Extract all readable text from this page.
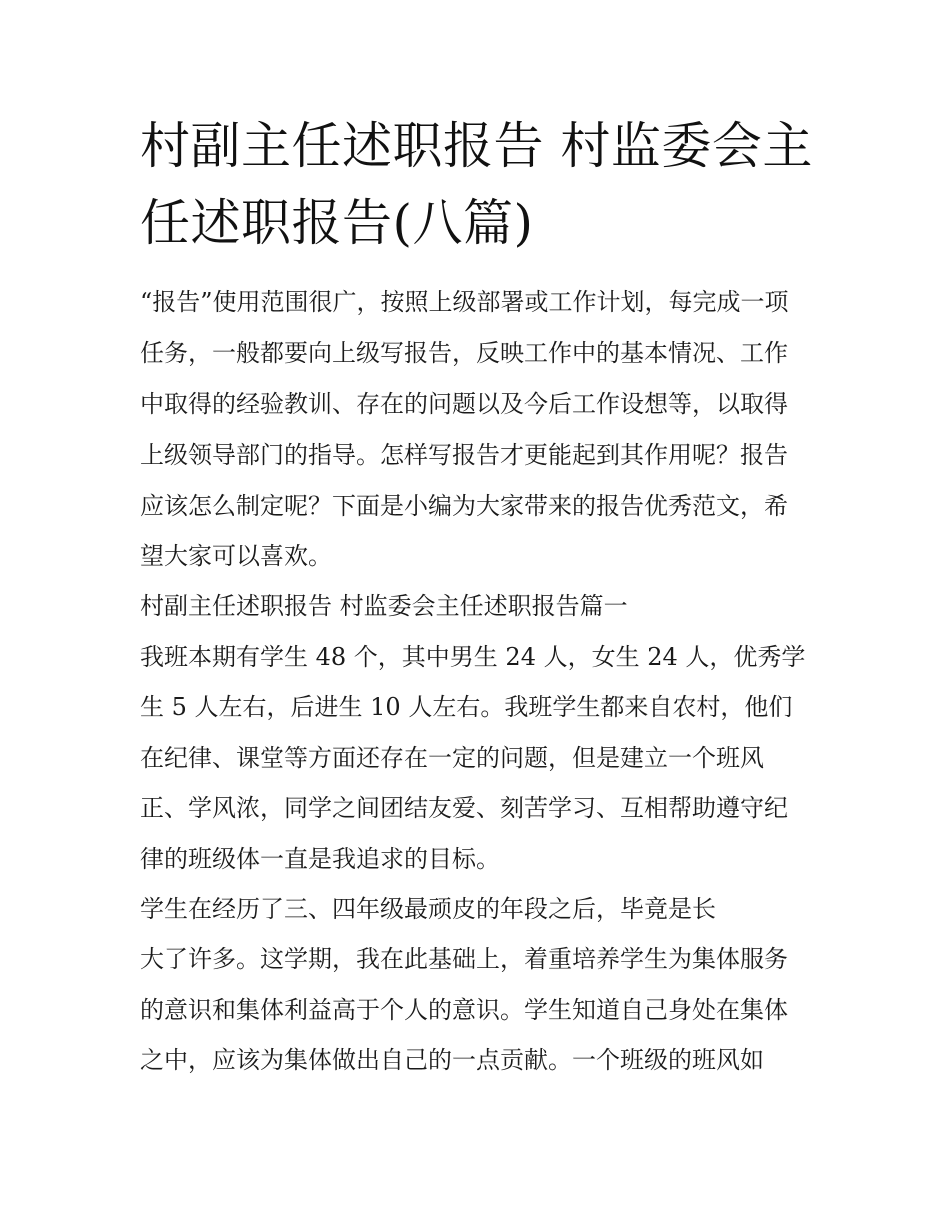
村副主任述职报告 村监委会主
任述职报告(八篇)
“报告”使用范围很广，按照上级部署或工作计划，每完成一项
任务，一般都要向上级写报告，反映工作中的基本情况、工作
中取得的经验教训、存在的问题以及今后工作设想等，以取得
上级领导部门的指导。怎样写报告才更能起到其作用呢？报告
应该怎么制定呢？下面是小编为大家带来的报告优秀范文，希
望大家可以喜欢。
村副主任述职报告 村监委会主任述职报告篇一
我班本期有学生 48 个，其中男生 24 人，女生 24 人，优秀学
生 5 人左右，后进生 10 人左右。我班学生都来自农村，他们
在纪律、课堂等方面还存在一定的问题，但是建立一个班风
正、学风浓，同学之间团结友爱、刻苦学习、互相帮助遵守纪
律的班级体一直是我追求的目标。
学生在经历了三、四年级最顽皮的年段之后，毕竟是长
大了许多。这学期，我在此基础上，着重培养学生为集体服务
的意识和集体利益高于个人的意识。学生知道自己身处在集体
之中，应该为集体做出自己的一点贡献。一个班级的班风如
